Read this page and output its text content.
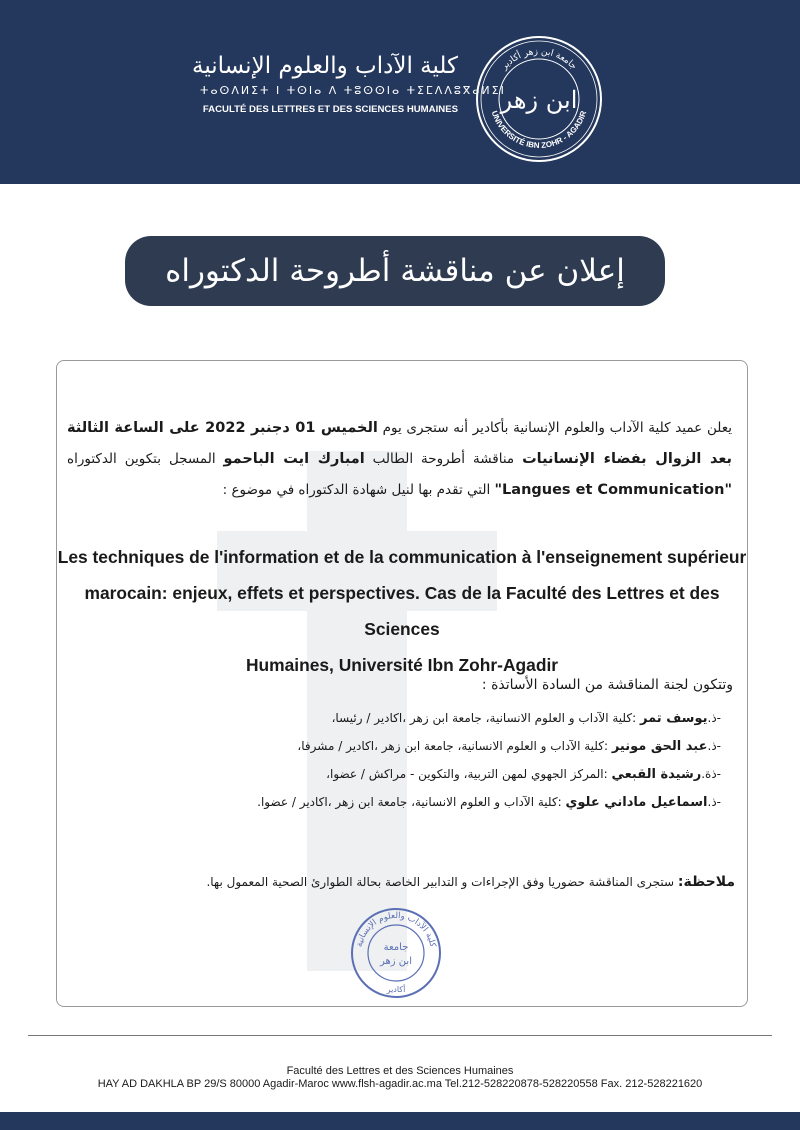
كلية الآداب والعلوم الإنسانية
ⵜⴰⵙⴷⵍⵉⵜ ⵏ ⵜⵙⵏⴰ ⴷ ⵜⵓⵙⵙⵏⴰ ⵜⵉⵎⴷⴷⵓⴳⴰⵍⵉⵏ
FACULTÉ DES LETTRES ET DES SCIENCES HUMAINES
جامعة ابن زهر أكادير
UNIVERSITÉ IBN ZOHR - AGADIR
ابن زهر
إعلان عن مناقشة أطروحة الدكتوراه
يعلن عميد كلية الآداب والعلوم الإنسانية بأكادير أنه ستجرى يوم الخميس 01 دجنبر 2022 على الساعة الثالثة بعد الزوال بفضاء الإنسانيات مناقشة أطروحة الطالب امبارك ايت الباحمو المسجل بتكوين الدكتوراه "Langues et Communication" التي تقدم بها لنيل شهادة الدكتوراه في موضوع :
Les techniques de l'information et de la communication à l'enseignement supérieur
marocain: enjeux, effets et perspectives. Cas de la Faculté des Lettres et des Sciences
Humaines, Université Ibn Zohr-Agadir
وتتكون لجنة المناقشة من السادة الأساتذة :
-ذ.يوسف تمر :كلية الآداب و العلوم الانسانية، جامعة ابن زهر ،اكادير / رئيسا،
-ذ.عبد الحق مونير :كلية الآداب و العلوم الانسانية، جامعة ابن زهر ،اكادير / مشرفا،
-ذة.رشيدة القبعي :المركز الجهوي لمهن التربية، والتكوين - مراكش / عضوا،
-ذ.اسماعيل ماداني علوي :كلية الآداب و العلوم الانسانية، جامعة ابن زهر ،اكادير / عضوا.
ملاحظة: ستجرى المناقشة حضوريا وفق الإجراءات و التدابير الخاصة بحالة الطوارئ الصحية المعمول بها.
كلية الآداب والعلوم الإنسانية
جامعة
ابن زهر
أكادير
Faculté des Lettres et des Sciences Humaines
HAY AD DAKHLA BP 29/S 80000 Agadir-Maroc www.flsh-agadir.ac.ma Tel.212-528220878-528220558 Fax. 212-528221620
